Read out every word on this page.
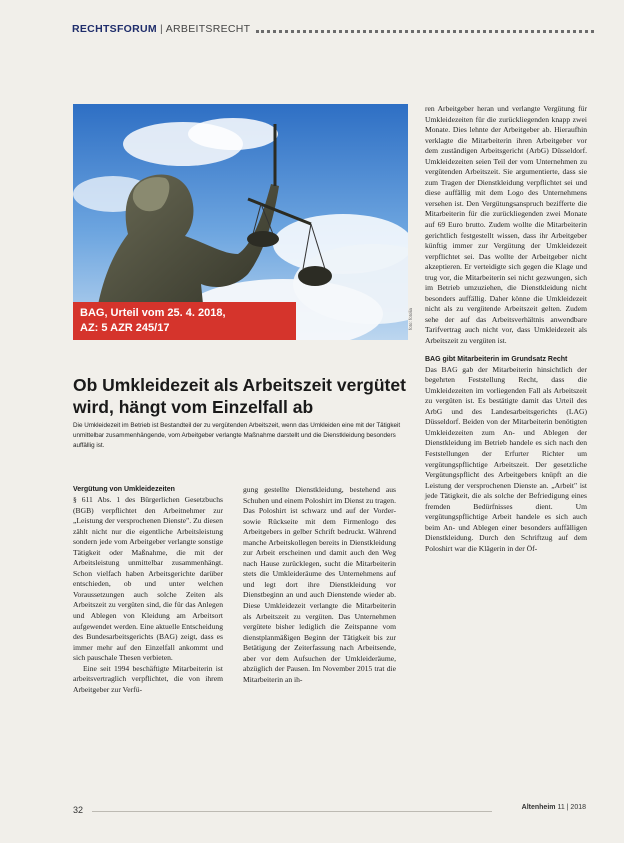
RECHTSFORUM | ARBEITSRECHT
foto: fotolia
BAG, Urteil vom 25. 4. 2018,
AZ: 5 AZR 245/17
Ob Umkleidezeit als Arbeitszeit vergütet wird, hängt vom Einzelfall ab
Die Umkleidezeit im Betrieb ist Bestandteil der zu vergütenden Arbeitszeit, wenn das Umkleiden eine mit der Tätigkeit unmittelbar zusammenhängende, vom Arbeitgeber verlangte Maßnahme darstellt und die Dienstkleidung besonders auffällig ist.

Vergütung von Umkleidezeiten

§ 611 Abs. 1 des Bürgerlichen Gesetzbuchs (BGB) verpflichtet den Arbeitnehmer zur „Leistung der versprochenen Dienste". Zu diesen zählt nicht nur die eigentliche Arbeitsleistung sondern jede vom Arbeitgeber verlangte sonstige Tätigkeit oder Maßnahme, die mit der Arbeitsleistung unmittelbar zusammenhängt. Schon vielfach haben Arbeitsgerichte darüber entschieden, ob und unter welchen Voraussetzungen auch solche Zeiten als Arbeitszeit zu vergüten sind, die für das Anlegen und Ablegen von Kleidung am Arbeitsort aufgewendet werden. Eine aktuelle Entscheidung des Bundesarbeitsgerichts (BAG) zeigt, dass es immer mehr auf den Einzelfall ankommt und sich pauschale Thesen verbieten.

Eine seit 1994 beschäftigte Mitarbeiterin ist arbeitsvertraglich verpflichtet, die von ihrem Arbeitgeber zur Verfü-

gung gestellte Dienstkleidung, bestehend aus Schuhen und einem Poloshirt im Dienst zu tragen. Das Poloshirt ist schwarz und auf der Vorder- sowie Rückseite mit dem Firmenlogo des Arbeitgebers in gelber Schrift bedruckt. Während manche Arbeitskollegen bereits in Dienstkleidung zur Arbeit erscheinen und damit auch den Weg nach Hause zurücklegen, sucht die Mitarbeiterin stets die Umkleideräume des Unternehmens auf und legt dort ihre Dienstkleidung vor Dienstbeginn an und auch Dienstende wieder ab. Diese Umkleidezeit verlangte die Mitarbeiterin als Arbeitszeit zu vergüten. Das Unternehmen vergütete bisher lediglich die Zeitspanne vom dienstplanmäßigen Beginn der Tätigkeit bis zur Betätigung der Zeiterfassung nach Arbeitsende, aber vor dem Aufsuchen der Umkleideräume, abzüglich der Pausen. Im November 2015 trat die Mitarbeiterin an ih-

ren Arbeitgeber heran und verlangte Vergütung für Umkleidezeiten für die zurückliegenden knapp zwei Monate. Dies lehnte der Arbeitgeber ab. Hieraufhin verklagte die Mitarbeiterin ihren Arbeitgeber vor dem zuständigen Arbeitsgericht (ArbG) Düsseldorf. Umkleidezeiten seien Teil der vom Unternehmen zu vergütenden Arbeitszeit. Sie argumentierte, dass sie zum Tragen der Dienstkleidung verpflichtet sei und diese auffällig mit dem Logo des Unternehmens versehen ist. Den Vergütungsanspruch bezifferte die Mitarbeiterin für die zurückliegenden zwei Monate auf 69 Euro brutto. Zudem wollte die Mitarbeiterin gerichtlich festgestellt wissen, dass ihr Arbeitgeber künftig immer zur Vergütung der Umkleidezeit verpflichtet sei. Das wollte der Arbeitgeber nicht akzeptieren. Er verteidigte sich gegen die Klage und trug vor, die Mitarbeiterin sei nicht gezwungen, sich im Betrieb umzuziehen, die Dienstkleidung nicht besonders auffällig. Daher könne die Umkleidezeit nicht als zu vergütende Arbeitszeit gelten. Zudem sehe der auf das Arbeitsverhältnis anwendbare Tarifvertrag auch nicht vor, dass Umkleidezeit als Arbeitszeit zu vergüten ist.

BAG gibt Mitarbeiterin im Grundsatz Recht

Das BAG gab der Mitarbeiterin hinsichtlich der begehrten Feststellung Recht, dass die Umkleidezeiten im vorliegenden Fall als Arbeitszeit zu vergüten ist. Es bestätigte damit das Urteil des ArbG und des Landesarbeitsgerichts (LAG) Düsseldorf. Beiden von der Mitarbeiterin benötigten Umkleidezeiten zum An- und Ablegen der Dienstkleidung im Betrieb handele es sich nach den Feststellungen der Erfurter Richter um vergütungspflichtige Arbeitszeit. Der gesetzliche Vergütungspflicht des Arbeitgebers knüpft an die Leistung der versprochenen Dienste an. „Arbeit" ist jede Tätigkeit, die als solche der Befriedigung eines fremden Bedürfnisses dient. Um vergütungspflichtige Arbeit handele es sich auch beim An- und Ablegen einer besonders auffälligen Dienstkleidung. Durch den Schriftzug auf dem Poloshirt war die Klägerin in der Öf-

32	Altenheim 11 | 2018
